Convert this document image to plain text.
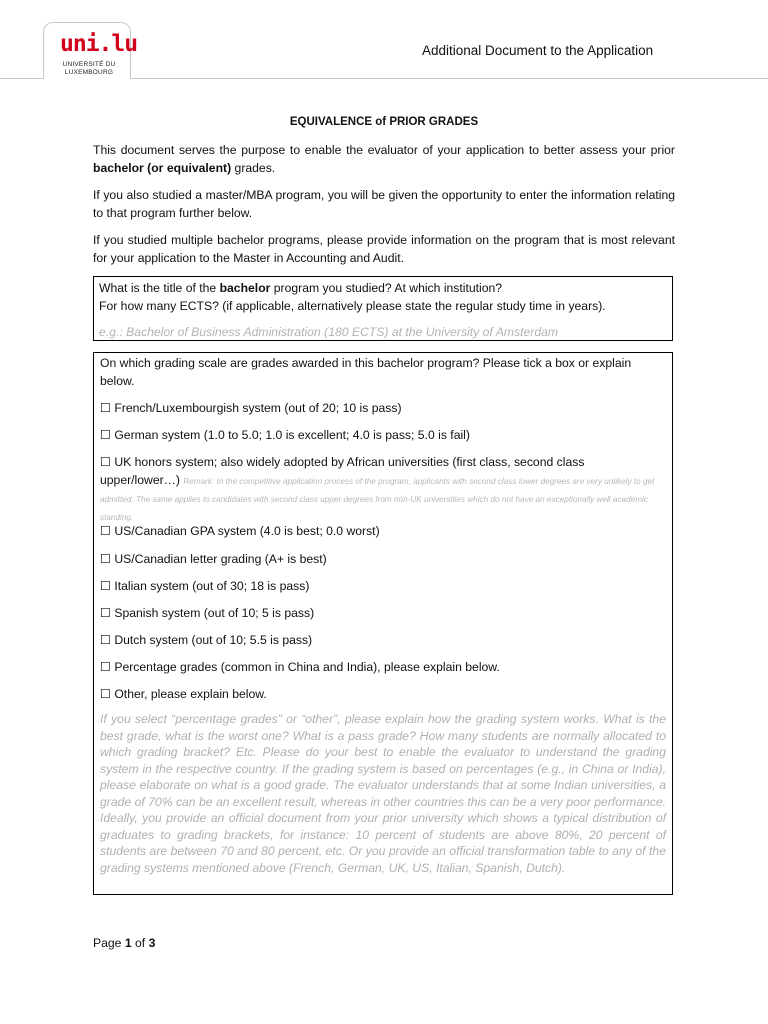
uni.lu
UNIVERSITÉ DU LUXEMBOURG
Additional Document to the Application
EQUIVALENCE of PRIOR GRADES
This document serves the purpose to enable the evaluator of your application to better assess your prior bachelor (or equivalent) grades.
If you also studied a master/MBA program, you will be given the opportunity to enter the information relating to that program further below.
If you studied multiple bachelor programs, please provide information on the program that is most relevant for your application to the Master in Accounting and Audit.
What is the title of the bachelor program you studied? At which institution?
For how many ECTS? (if applicable, alternatively please state the regular study time in years).
e.g.: Bachelor of Business Administration (180 ECTS) at the University of Amsterdam
On which grading scale are grades awarded in this bachelor program? Please tick a box or explain below.
☐ French/Luxembourgish system (out of 20; 10 is pass)
☐ German system (1.0 to 5.0; 1.0 is excellent; 4.0 is pass; 5.0 is fail)
☐ UK honors system; also widely adopted by African universities (first class, second class upper/lower…) Remark: In the competitive application process of the program, applicants with second class lower degrees are very unlikely to get admitted. The same applies to candidates with second class upper degrees from non-UK universities which do not have an exceptionally well academic standing.
☐ US/Canadian GPA system (4.0 is best; 0.0 worst)
☐ US/Canadian letter grading (A+ is best)
☐ Italian system (out of 30; 18 is pass)
☐ Spanish system (out of 10; 5 is pass)
☐ Dutch system (out of 10; 5.5 is pass)
☐ Percentage grades (common in China and India), please explain below.
☐ Other, please explain below.
If you select “percentage grades” or “other”, please explain how the grading system works. What is the best grade, what is the worst one? What is a pass grade? How many students are normally allocated to which grading bracket? Etc. Please do your best to enable the evaluator to understand the grading system in the respective country. If the grading system is based on percentages (e.g., in China or India), please elaborate on what is a good grade. The evaluator understands that at some Indian universities, a grade of 70% can be an excellent result, whereas in other countries this can be a very poor performance. Ideally, you provide an official document from your prior university which shows a typical distribution of graduates to grading brackets, for instance: 10 percent of students are above 80%, 20 percent of students are between 70 and 80 percent, etc. Or you provide an official transformation table to any of the grading systems mentioned above (French, German, UK, US, Italian, Spanish, Dutch).
Page 1 of 3
